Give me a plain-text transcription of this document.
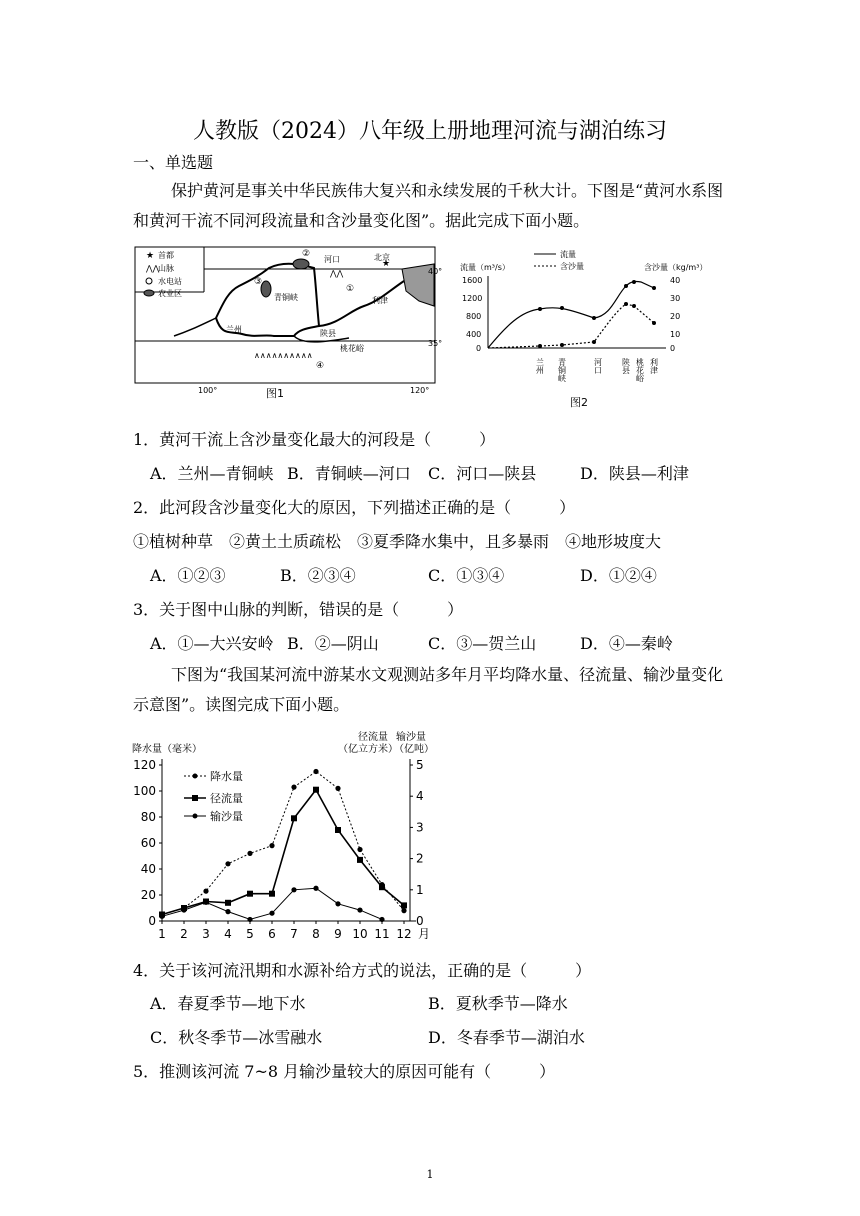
人教版（2024）八年级上册地理河流与湖泊练习
一、单选题
保护黄河是事关中华民族伟大复兴和永续发展的千秋大计。下图是“黄河水系图和黄河干流不同河段流量和含沙量变化图”。据此完成下面小题。
★ 首都
⋀⋀
山脉
水电站
农业区
河口	★
北京
青铜峡	利津
兰州	陕县
桃花峪
①
②
③
④
∧∧∧∧∧∧∧∧∧∧
⋀⋀	40°
35°
100°	120°
图1
流量
含沙量
流量（m³/s）	含沙量（kg/m³）
1600
1200
800
400
0
40
30
20
10
0
兰州 青铜峡	河口 陕县 桃花峪 利津
图2
1．黄河干流上含沙量变化最大的河段是（　　　）
A．兰州—青铜峡 B．青铜峡—河口 C．河口—陕县	D．陕县—利津
2．此河段含沙量变化大的原因，下列描述正确的是（　　　）
①植树种草　②黄土土质疏松　③夏季降水集中，且多暴雨　④地形坡度大
A．①②③	B．②③④	C．①③④	D．①②④
3．关于图中山脉的判断，错误的是（　　　）
A．①—大兴安岭 B．②—阴山	C．③—贺兰山	D．④—秦岭
下图为“我国某河流中游某水文观测站多年月平均降水量、径流量、输沙量变化示意图”。读图完成下面小题。
降水量（毫米）
径流量
（亿立方米）
输沙量
（亿吨）
0
20
40
60
80
100
120
0
1
2
3
4
5
1 2 3 4 5 6 7 8 9 10 11 12 月
降水量
径流量
输沙量
4．关于该河流汛期和水源补给方式的说法，正确的是（　　　）
A．春夏季节—地下水	B．夏秋季节—降水
C．秋冬季节—冰雪融水	D．冬春季节—湖泊水
5．推测该河流 7~8 月输沙量较大的原因可能有（　　　）
1
